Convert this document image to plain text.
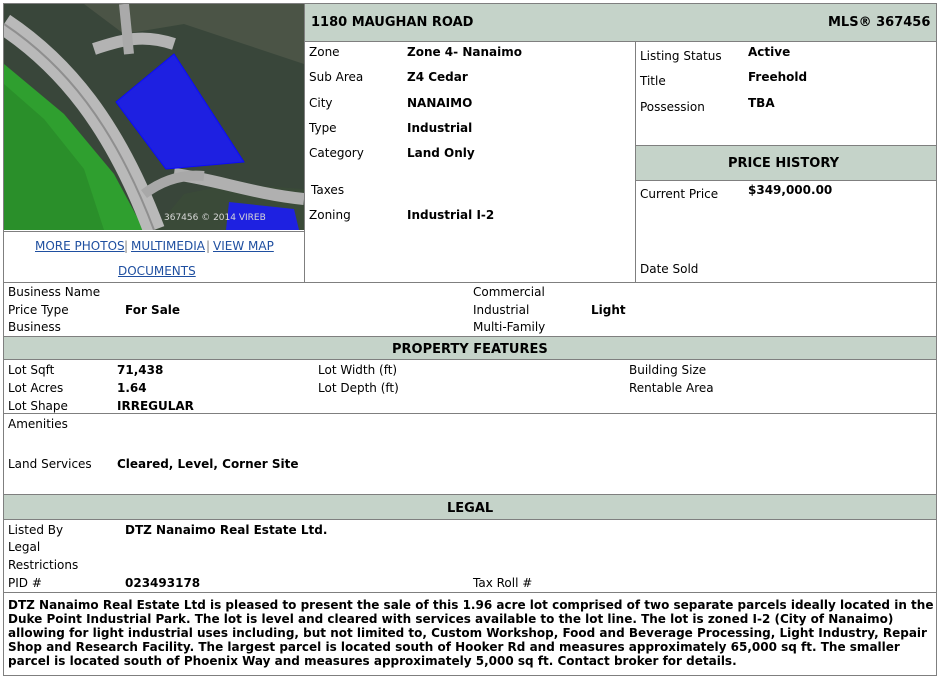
367456 © 2014 VIREB
MORE PHOTOS | MULTIMEDIA | VIEW MAP
DOCUMENTS
1180 MAUGHAN ROAD	MLS® 367456
Zone	Zone 4- Nanaimo
Sub Area	Z4 Cedar
City	NANAIMO
Type	Industrial
Category	Land Only
Taxes
Zoning	Industrial I-2
Listing Status Active
Title	Freehold
Possession	TBA
PRICE HISTORY
Current Price $349,000.00
Date Sold
Business Name
Price Type	For Sale
Business
Commercial
Industrial	Light
Multi-Family
PROPERTY FEATURES
Lot Sqft	71,438
Lot Acres	1.64
Lot Shape	IRREGULAR
Lot Width (ft)
Lot Depth (ft)
Building Size
Rentable Area
Amenities
Land Services Cleared, Level, Corner Site
LEGAL
Listed By	DTZ Nanaimo Real Estate Ltd.
Legal
Restrictions
PID #	023493178	Tax Roll #
DTZ Nanaimo Real Estate Ltd is pleased to present the sale of this 1.96 acre lot comprised of two separate parcels ideally located in the Duke Point Industrial Park. The lot is level and cleared with services available to the lot line. The lot is zoned I-2 (City of Nanaimo) allowing for light industrial uses including, but not limited to, Custom Workshop, Food and Beverage Processing, Light Industry, Repair Shop and Research Facility. The largest parcel is located south of Hooker Rd and measures approximately 65,000 sq ft. The smaller parcel is located south of Phoenix Way and measures approximately 5,000 sq ft. Contact broker for details.
